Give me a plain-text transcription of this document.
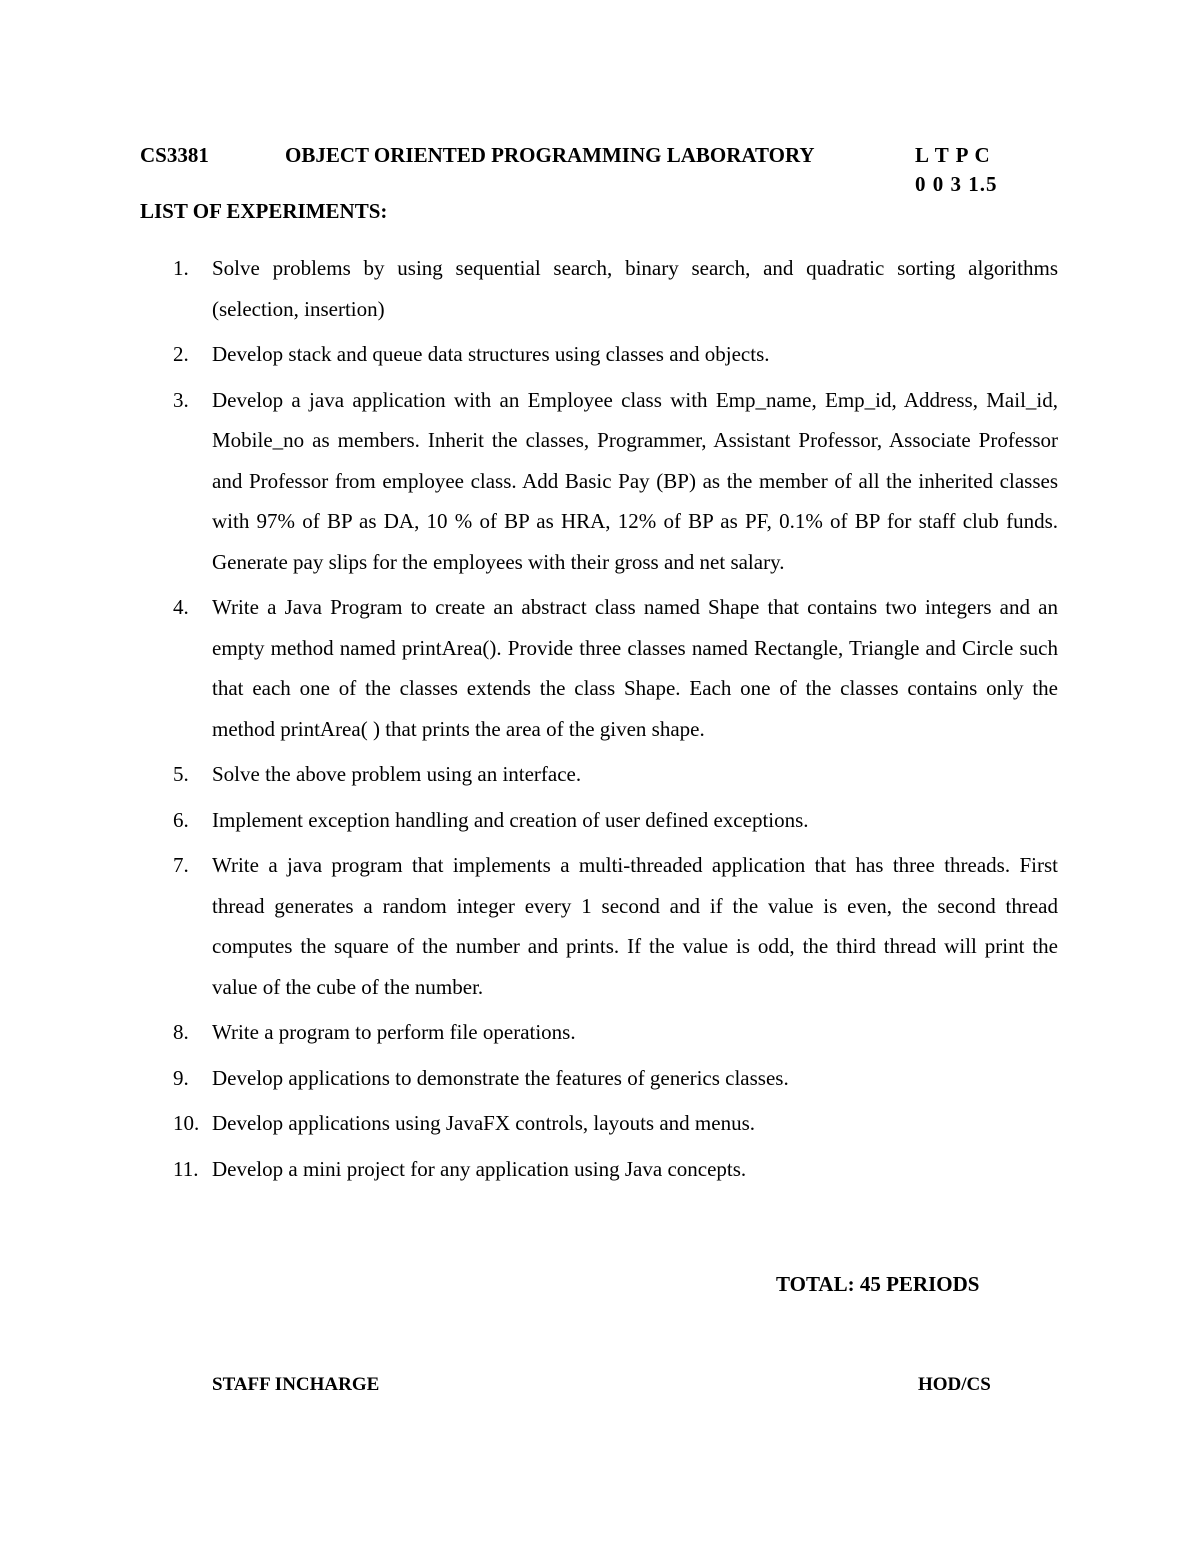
CS3381	OBJECT ORIENTED PROGRAMMING LABORATORY	L T P C
0 0 3 1.5
LIST OF EXPERIMENTS:
1. Solve problems by using sequential search, binary search, and quadratic sorting algorithms (selection, insertion)
2. Develop stack and queue data structures using classes and objects.
3. Develop a java application with an Employee class with Emp_name, Emp_id, Address, Mail_id, Mobile_no as members. Inherit the classes, Programmer, Assistant Professor, Associate Professor and Professor from employee class. Add Basic Pay (BP) as the member of all the inherited classes with 97% of BP as DA, 10 % of BP as HRA, 12% of BP as PF, 0.1% of BP for staff club funds. Generate pay slips for the employees with their gross and net salary.
4. Write a Java Program to create an abstract class named Shape that contains two integers and an empty method named printArea(). Provide three classes named Rectangle, Triangle and Circle such that each one of the classes extends the class Shape. Each one of the classes contains only the method printArea( ) that prints the area of the given shape.
5. Solve the above problem using an interface.
6. Implement exception handling and creation of user defined exceptions.
7. Write a java program that implements a multi-threaded application that has three threads. First thread generates a random integer every 1 second and if the value is even, the second thread computes the square of the number and prints. If the value is odd, the third thread will print the value of the cube of the number.
8. Write a program to perform file operations.
9. Develop applications to demonstrate the features of generics classes.
10. Develop applications using JavaFX controls, layouts and menus.
11. Develop a mini project for any application using Java concepts.
TOTAL: 45 PERIODS
STAFF INCHARGE	HOD/CS
